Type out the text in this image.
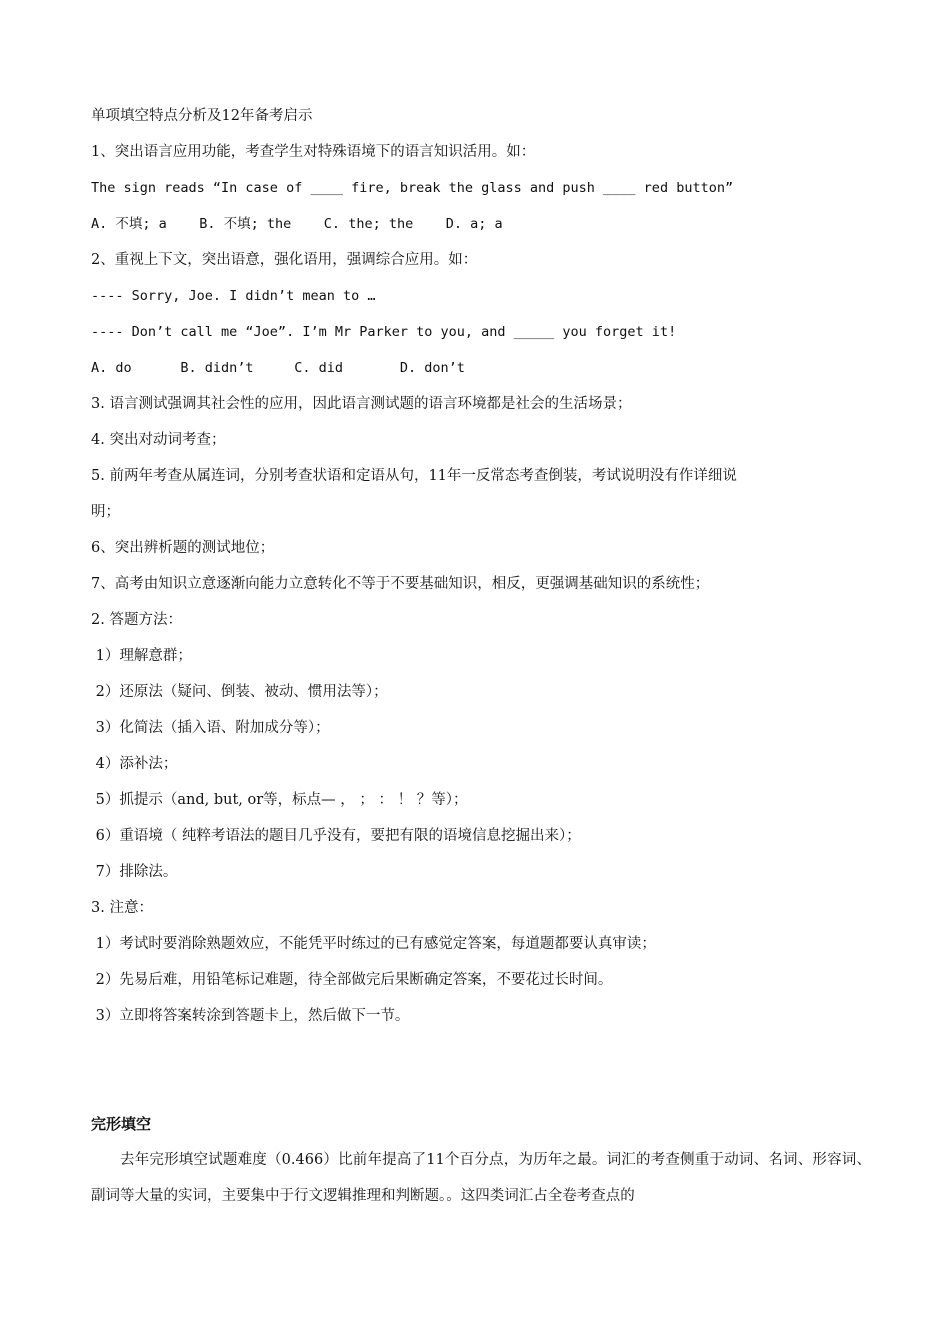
单项填空特点分析及12年备考启示
1、突出语言应用功能，考查学生对特殊语境下的语言知识活用。如：
The sign reads “In case of ____ fire, break the glass and push ____ red button”
A. 不填; a    B. 不填; the    C. the; the    D. a; a
2、重视上下文，突出语意，强化语用，强调综合应用。如：
---- Sorry, Joe. I didn’t mean to …
---- Don’t call me “Joe”. I’m Mr Parker to you, and _____ you forget it!
A. do      B. didn’t     C. did       D. don’t
3. 语言测试强调其社会性的应用，因此语言测试题的语言环境都是社会的生活场景；
4. 突出对动词考查；
5. 前两年考查从属连词，分别考查状语和定语从句，11年一反常态考查倒装，考试说明没有作详细说
明；
6、突出辨析题的测试地位；
7、高考由知识立意逐渐向能力立意转化不等于不要基础知识，相反，更强调基础知识的系统性；
2. 答题方法：
1）理解意群；
2）还原法（疑问、倒装、被动、惯用法等）；
3）化简法（插入语、附加成分等）；
4）添补法；
5）抓提示（and, but, or等，标点— ， ； ： ！ ？等）；
6）重语境（ 纯粹考语法的题目几乎没有，要把有限的语境信息挖掘出来）；
7）排除法。
3. 注意：
1）考试时要消除熟题效应，不能凭平时练过的已有感觉定答案，每道题都要认真审读；
2）先易后难，用铅笔标记难题，待全部做完后果断确定答案，不要花过长时间。
3）立即将答案转涂到答题卡上，然后做下一节。
完形填空
去年完形填空试题难度（0.466）比前年提高了11个百分点，为历年之最。词汇的考查侧重于动词、名词、形容词、副词等大量的实词，主要集中于行文逻辑推理和判断题。。这四类词汇占全卷考查点的
